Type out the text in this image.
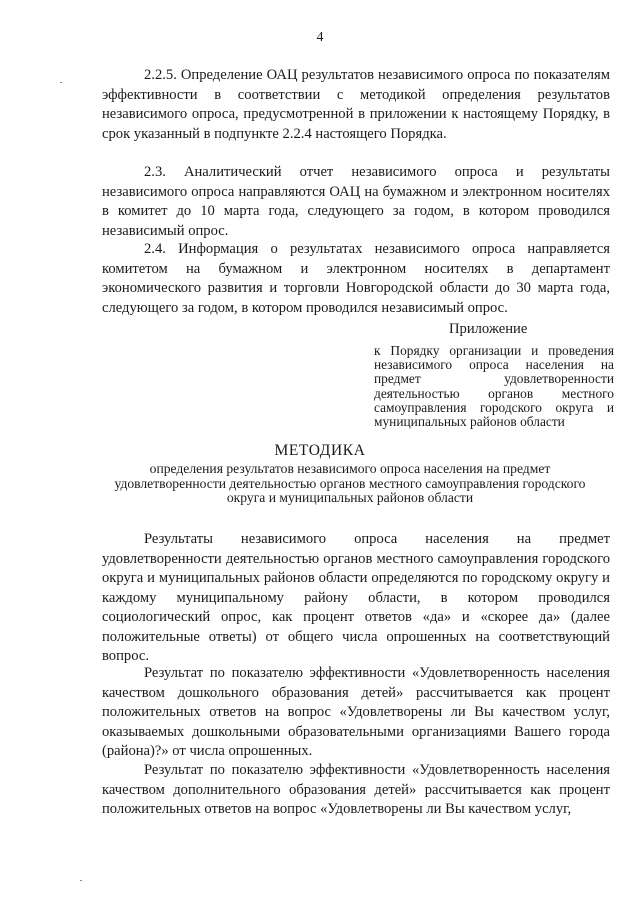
4

2.2.5. Определение ОАЦ результатов независимого опроса по показателям эффективности в соответствии с методикой определения результатов независимого опроса, предусмотренной в приложении к настоящему Порядку, в срок указанный в подпункте 2.2.4 настоящего Порядка.

2.3. Аналитический отчет независимого опроса и результаты независимого опроса направляются ОАЦ на бумажном и электронном носителях в комитет до 10 марта года, следующего за годом, в котором проводился независимый опрос.

2.4. Информация о результатах независимого опроса направляется комитетом на бумажном и электронном носителях в департамент экономического развития и торговли Новгородской области до 30 марта года, следующего за годом, в котором проводился независимый опрос.

Приложение
к Порядку организации и проведения независимого опроса населения на предмет удовлетворенности деятельностью органов местного самоуправления городского округа и муниципальных районов области
МЕТОДИКА
определения результатов независимого опроса населения на предмет удовлетворенности деятельностью органов местного самоуправления городского округа и муниципальных районов области

Результаты независимого опроса населения на предмет удовлетворенности деятельностью органов местного самоуправления городского округа и муниципальных районов области определяются по городскому округу и каждому муниципальному району области, в котором проводился социологический опрос, как процент ответов «да» и «скорее да» (далее положительные ответы) от общего числа опрошенных на соответствующий вопрос.

Результат по показателю эффективности «Удовлетворенность населения качеством дошкольного образования детей» рассчитывается как процент положительных ответов на вопрос «Удовлетворены ли Вы качеством услуг, оказываемых дошкольными образовательными организациями Вашего города (района)?» от числа опрошенных.

Результат по показателю эффективности «Удовлетворенность населения качеством дополнительного образования детей» рассчитывается как процент положительных ответов на вопрос «Удовлетворены ли Вы качеством услуг,
